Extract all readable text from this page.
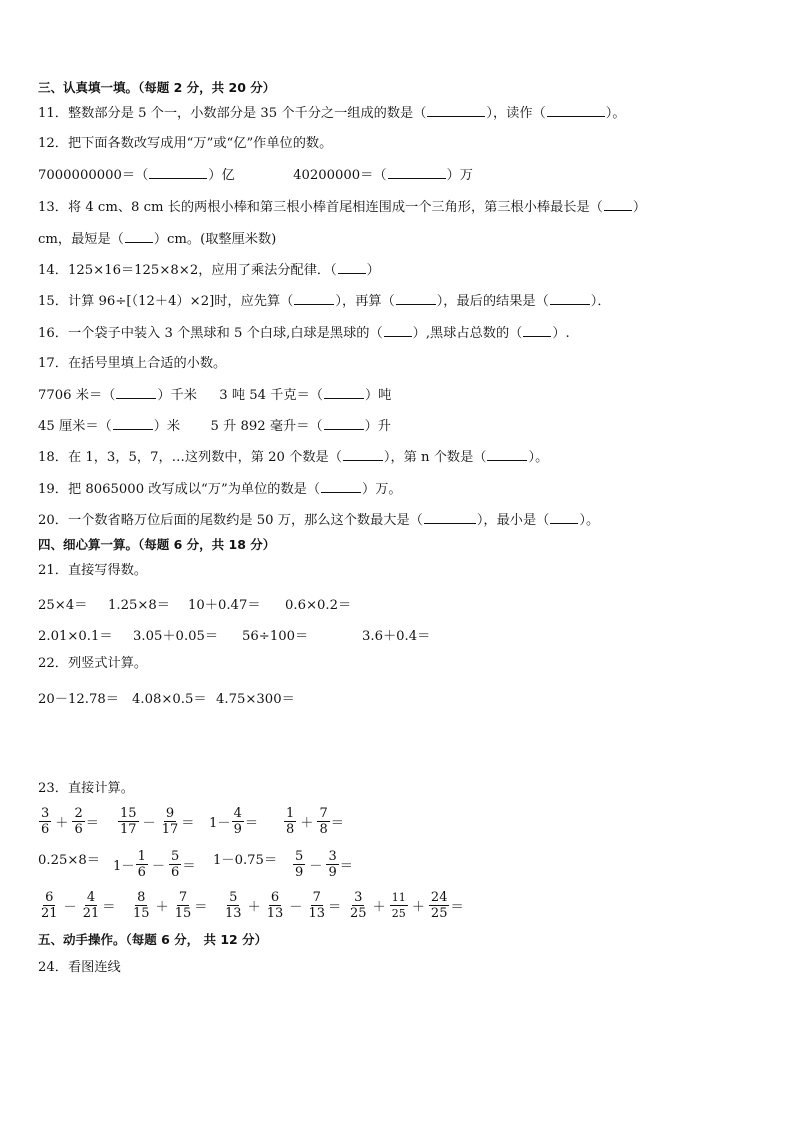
三、认真填一填。（每题 2 分，共 20 分）
11．整数部分是 5 个一，小数部分是 35 个千分之一组成的数是（	），读作（	）。
12．把下面各数改写成用“万”或“亿”作单位的数。
7000000000＝（	）亿	40200000＝（	）万
13．将 4 cm、8 cm 长的两根小棒和第三根小棒首尾相连围成一个三角形，第三根小棒最长是（ ）
cm，最短是（ ）cm。(取整厘米数)
14．125×16＝125×8×2，应用了乘法分配律．（ ）
15．计算 96÷[（12＋4）×2]时，应先算（	），再算（	），最后的结果是（	）．
16．一个袋子中装入 3 个黑球和 5 个白球,白球是黑球的（ ）,黑球占总数的（ ）.
17．在括号里填上合适的小数。
7706 米＝（	）千米 3 吨 54 千克＝（	）吨
45 厘米＝（	）米 5 升 892 毫升＝（	）升
18．在 1，3，5，7，…这列数中，第 20 个数是（	），第 n 个数是（	）。
19．把 8065000 改写成以“万”为单位的数是（	）万。
20．一个数省略万位后面的尾数约是 50 万，那么这个数最大是（	），最小是（ ）。
四、细心算一算。（每题 6 分，共 18 分）
21．直接写得数。
25×4＝ 1.25×8＝ 10＋0.47＝ 0.6×0.2＝
2.01×0.1＝ 3.05＋0.05＝ 56÷100＝	3.6＋0.4＝
22．列竖式计算。
20－12.78＝ 4.08×0.5＝ 4.75×300＝
23．直接计算。
$\frac{3}{6} + \frac{2}{6} = \frac{15}{17} - \frac{9}{17} = 1- \frac{4}{9} = \frac{1}{8} + \frac{7}{8}$ ＝
$0.25\times 8= 1- \frac{1}{6} - \frac{5}{6} = 1-0.75= \frac{5}{9} - \frac{3}{9}$ ＝
$\frac{6}{21} - \frac{4}{21} = \frac{8}{15} + \frac{7}{15} = \frac{5}{13} + \frac{6}{13} - \frac{7}{13} = \frac{3}{25} + \frac{11}{25} + \frac{24}{25}$ ＝
五、动手操作。（每题 6 分， 共 12 分）
24．看图连线
